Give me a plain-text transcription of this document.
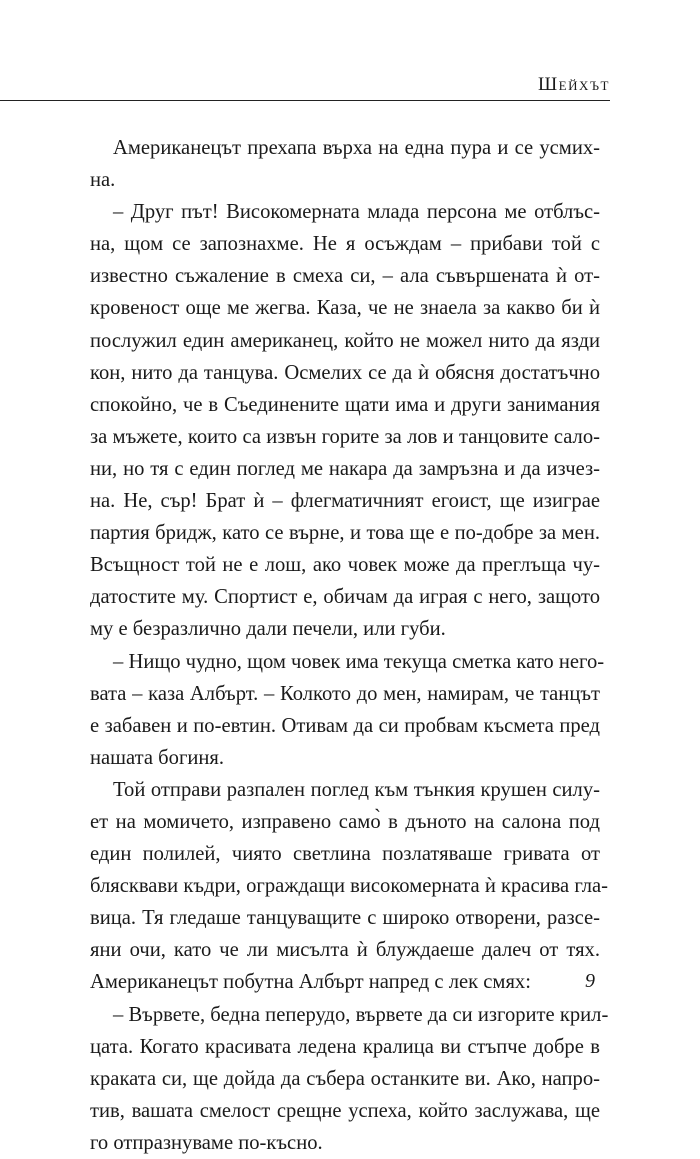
Шейхът
Американецът прехапа върха на една пура и се усмих-
на.
– Друг път! Високомерната млада персона ме отблъс-
на, щом се запознахме. Не я осъждам – прибави той с
известно съжаление в смеха си, – ала съвършената ѝ от-
кровеност още ме жегва. Каза, че не знаела за какво би ѝ
послужил един американец, който не можел нито да язди
кон, нито да танцува. Осмелих се да ѝ обясня достатъчно
спокойно, че в Съединените щати има и други занимания
за мъжете, които са извън горите за лов и танцовите сало-
ни, но тя с един поглед ме накара да замръзна и да изчез-
на. Не, сър! Брат ѝ – флегматичният егоист, ще изиграе
партия бридж, като се върне, и това ще е по-добре за мен.
Всъщност той не е лош, ако човек може да преглъща чу-
датостите му. Спортист е, обичам да играя с него, защото
му е безразлично дали печели, или губи.
– Нищо чудно, щом човек има текуща сметка като него-
вата – каза Албърт. – Колкото до мен, намирам, че танцът
е забавен и по-евтин. Отивам да си пробвам късмета пред
нашата богиня.
Той отправи разпален поглед към тънкия крушен силу-
ет на момичето, изправено само̀ в дъното на салона под
един полилей, чиято светлина позлатяваше гривата от
блясквави къдри, ограждащи високомерната ѝ красива гла-
вица. Тя гледаше танцуващите с широко отворени, разсе-
яни очи, като че ли мисълта ѝ блуждаеше далеч от тях.
Американецът побутна Албърт напред с лек смях:
– Вървете, бедна пеперудо, вървете да си изгорите крил-
цата. Когато красивата ледена кралица ви стъпче добре в
краката си, ще дойда да събера останките ви. Ако, напро-
тив, вашата смелост срещне успеха, който заслужава, ще
го отпразнуваме по-късно.
9
